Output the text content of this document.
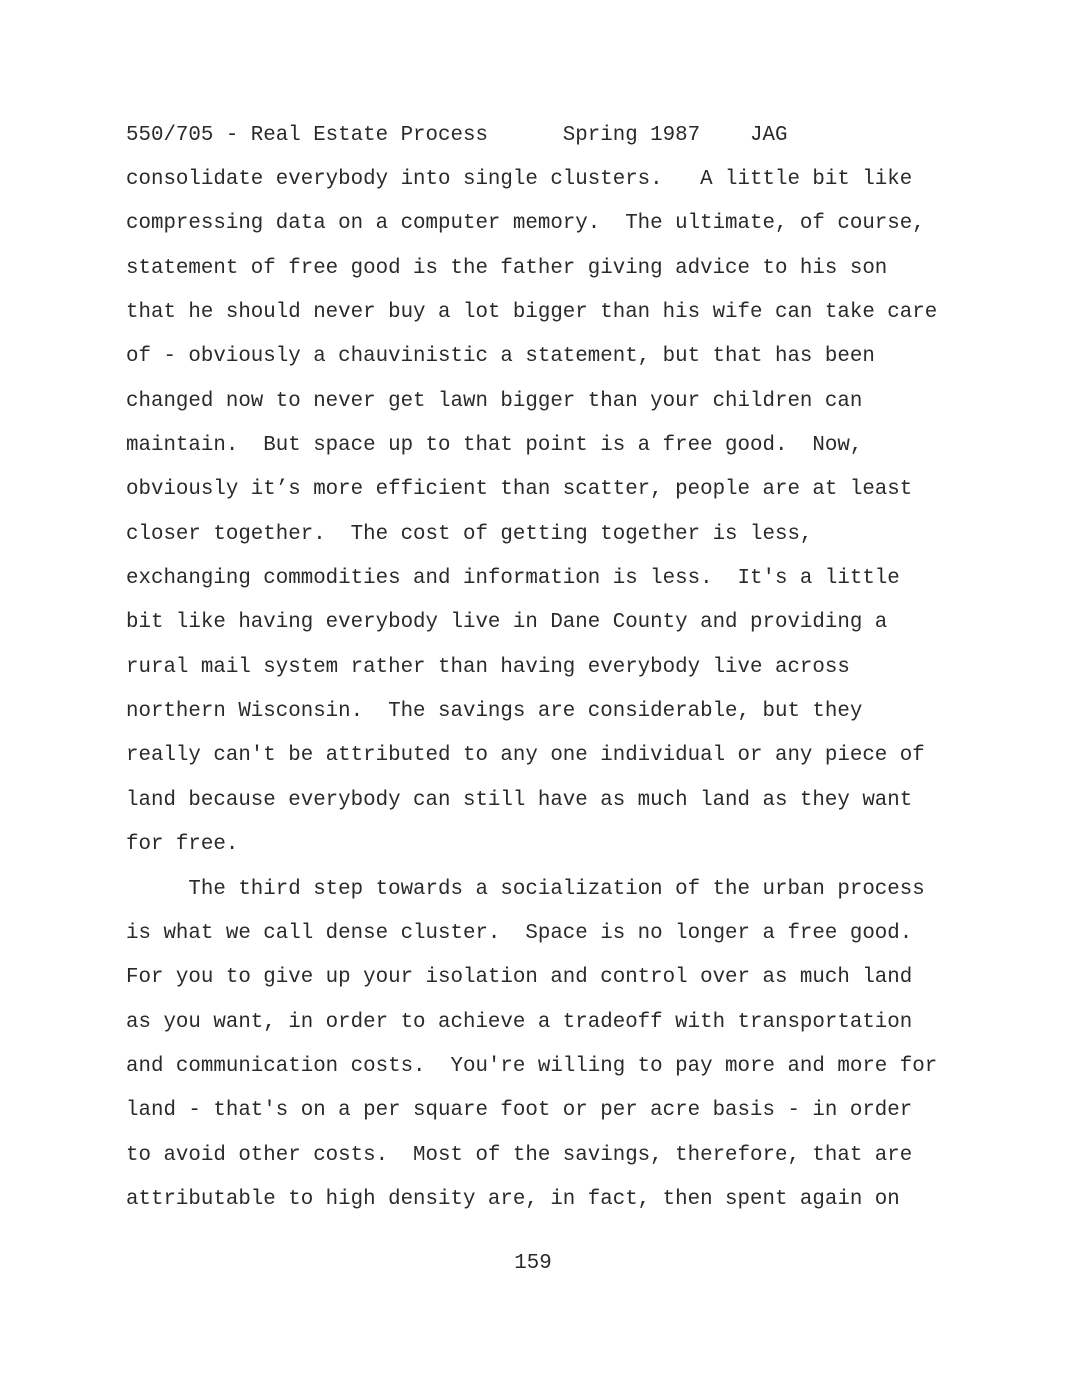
550/705 - Real Estate Process      Spring 1987    JAG
consolidate everybody into single clusters.   A little bit like
compressing data on a computer memory.  The ultimate, of course,
statement of free good is the father giving advice to his son
that he should never buy a lot bigger than his wife can take care
of - obviously a chauvinistic a statement, but that has been
changed now to never get lawn bigger than your children can
maintain.  But space up to that point is a free good.  Now,
obviously it’s more efficient than scatter, people are at least
closer together.  The cost of getting together is less,
exchanging commodities and information is less.  It's a little
bit like having everybody live in Dane County and providing a
rural mail system rather than having everybody live across
northern Wisconsin.  The savings are considerable, but they
really can't be attributed to any one individual or any piece of
land because everybody can still have as much land as they want
for free.
The third step towards a socialization of the urban process
is what we call dense cluster.  Space is no longer a free good.
For you to give up your isolation and control over as much land
as you want, in order to achieve a tradeoff with transportation
and communication costs.  You're willing to pay more and more for
land - that's on a per square foot or per acre basis - in order
to avoid other costs.  Most of the savings, therefore, that are
attributable to high density are, in fact, then spent again on
159
